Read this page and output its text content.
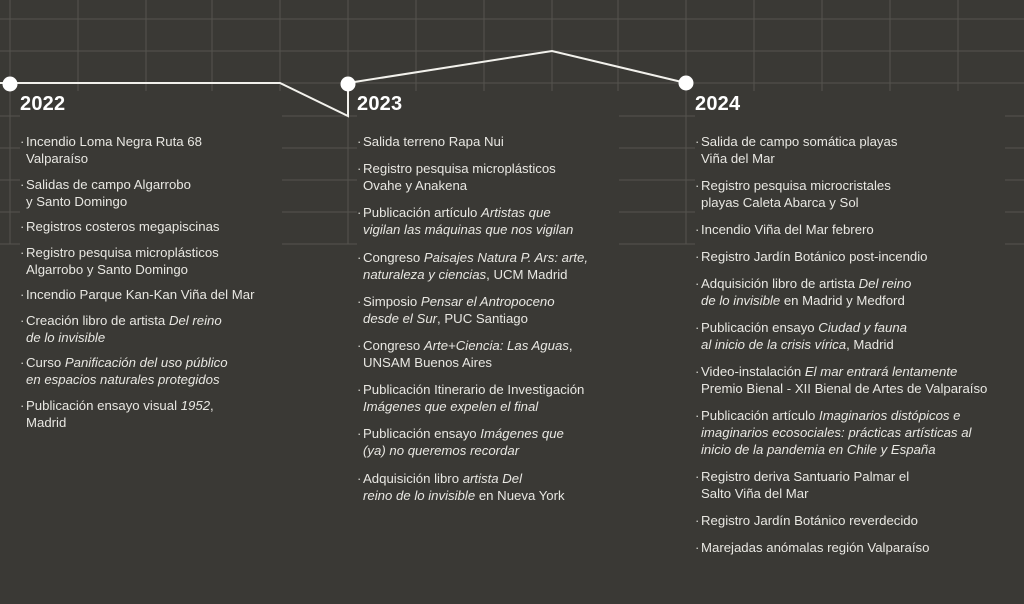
2022
· Incendio Loma Negra Ruta 68
Valparaíso
· Salidas de campo Algarrobo
y Santo Domingo
· Registros costeros megapiscinas
· Registro pesquisa microplásticos
Algarrobo y Santo Domingo
· Incendio Parque Kan-Kan Viña del Mar
· Creación libro de artista Del reino
de lo invisible
· Curso Panificación del uso público
en espacios naturales protegidos
· Publicación ensayo visual 1952,
Madrid
2023
· Salida terreno Rapa Nui
· Registro pesquisa microplásticos
Ovahe y Anakena
· Publicación artículo Artistas que
vigilan las máquinas que nos vigilan
· Congreso Paisajes Natura P. Ars: arte,
naturaleza y ciencias, UCM Madrid
· Simposio Pensar el Antropoceno
desde el Sur, PUC Santiago
· Congreso Arte+Ciencia: Las Aguas,
UNSAM Buenos Aires
· Publicación Itinerario de Investigación
Imágenes que expelen el final
· Publicación ensayo Imágenes que
(ya) no queremos recordar
· Adquisición libro artista Del
reino de lo invisible en Nueva York
2024
· Salida de campo somática playas
Viña del Mar
· Registro pesquisa microcristales
playas Caleta Abarca y Sol
· Incendio Viña del Mar febrero
· Registro Jardín Botánico post-incendio
· Adquisición libro de artista Del reino
de lo invisible en Madrid y Medford
· Publicación ensayo Ciudad y fauna
al inicio de la crisis vírica, Madrid
· Video-instalación El mar entrará lentamente
Premio Bienal - XII Bienal de Artes de Valparaíso
· Publicación artículo Imaginarios distópicos e
imaginarios ecosociales: prácticas artísticas al
inicio de la pandemia en Chile y España
· Registro deriva Santuario Palmar el
Salto Viña del Mar
· Registro Jardín Botánico reverdecido
· Marejadas anómalas región Valparaíso
